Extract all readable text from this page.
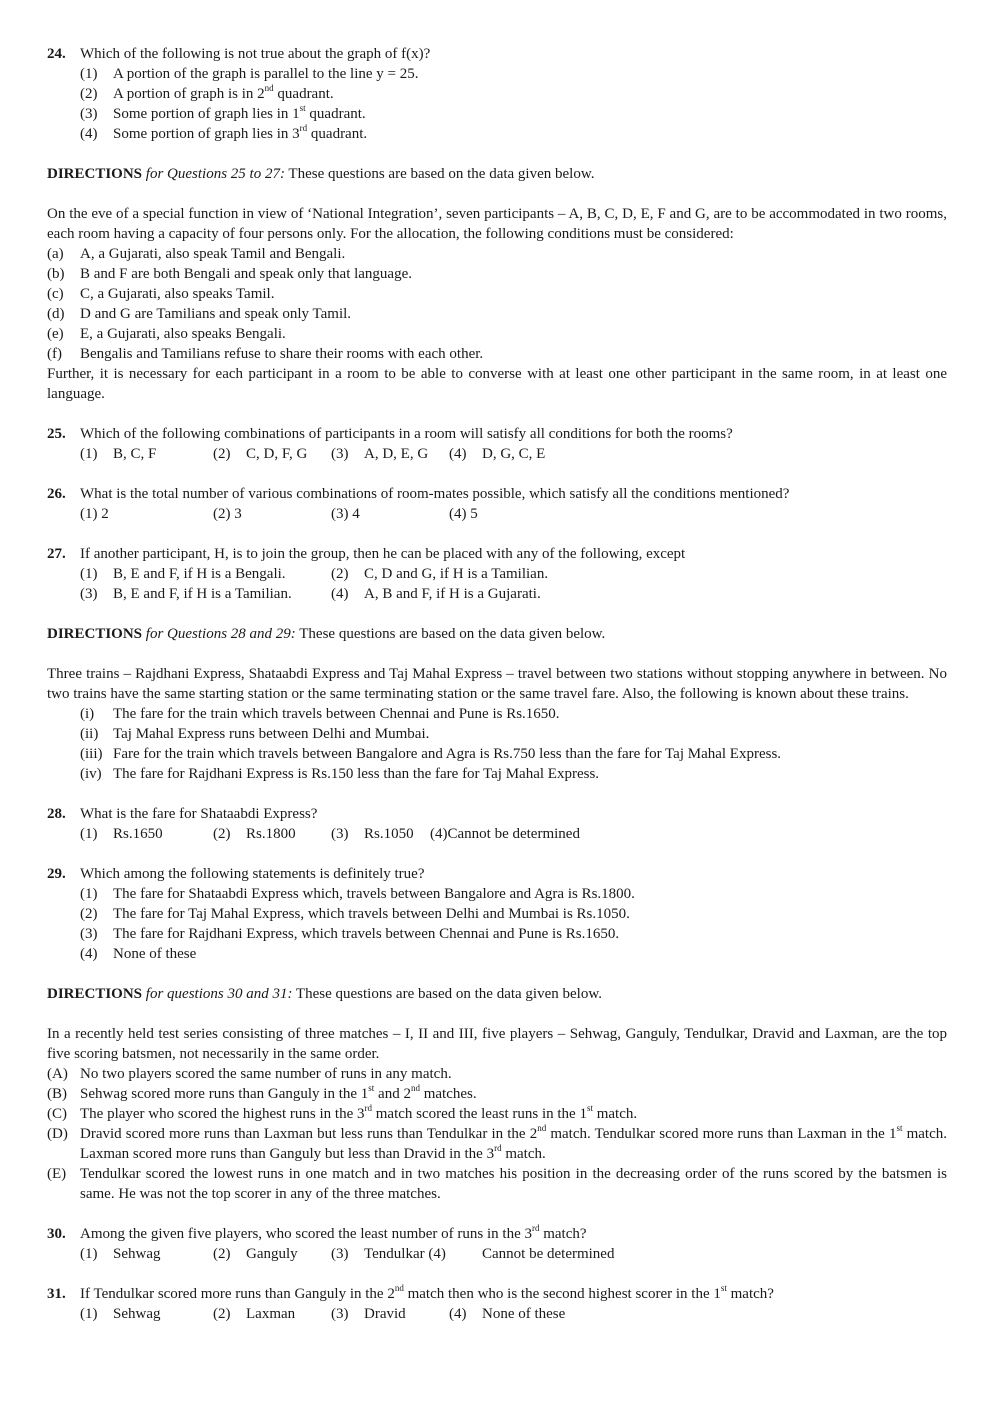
24. Which of the following is not true about the graph of f(x)?
(1) A portion of the graph is parallel to the line y = 25.
(2) A portion of graph is in 2nd quadrant.
(3) Some portion of graph lies in 1st quadrant.
(4) Some portion of graph lies in 3rd quadrant.
DIRECTIONS for Questions 25 to 27: These questions are based on the data given below.
On the eve of a special function in view of ‘National Integration’, seven participants – A, B, C, D, E, F and G, are to be accommodated in two rooms, each room having a capacity of four persons only. For the allocation, the following conditions must be considered:
(a) A, a Gujarati, also speak Tamil and Bengali.
(b) B and F are both Bengali and speak only that language.
(c) C, a Gujarati, also speaks Tamil.
(d) D and G are Tamilians and speak only Tamil.
(e) E, a Gujarati, also speaks Bengali.
(f) Bengalis and Tamilians refuse to share their rooms with each other.
Further, it is necessary for each participant in a room to be able to converse with at least one other participant in the same room, in at least one language.
25. Which of the following combinations of participants in a room will satisfy all conditions for both the rooms?
(1) B, C, F	(2) C, D, F, G (3) A, D, E, G (4) D, G, C, E
26. What is the total number of various combinations of room-mates possible, which satisfy all the conditions mentioned?
(1) 2	(2) 3	(3) 4	(4) 5
27. If another participant, H, is to join the group, then he can be placed with any of the following, except
(1) B, E and F, if H is a Bengali.	(2) C, D and G, if H is a Tamilian.
(3) B, E and F, if H is a Tamilian.	(4) A, B and F, if H is a Gujarati.
DIRECTIONS for Questions 28 and 29: These questions are based on the data given below.
Three trains – Rajdhani Express, Shataabdi Express and Taj Mahal Express – travel between two stations without stopping anywhere in between. No two trains have the same starting station or the same terminating station or the same travel fare. Also, the following is known about these trains.
(i) The fare for the train which travels between Chennai and Pune is Rs.1650.
(ii) Taj Mahal Express runs between Delhi and Mumbai.
(iii) Fare for the train which travels between Bangalore and Agra is Rs.750 less than the fare for Taj Mahal Express.
(iv) The fare for Rajdhani Express is Rs.150 less than the fare for Taj Mahal Express.
28. What is the fare for Shataabdi Express?
(1) Rs.1650	(2) Rs.1800 (3) Rs.1050 (4)Cannot be determined
29. Which among the following statements is definitely true?
(1) The fare for Shataabdi Express which, travels between Bangalore and Agra is Rs.1800.
(2) The fare for Taj Mahal Express, which travels between Delhi and Mumbai is Rs.1050.
(3) The fare for Rajdhani Express, which travels between Chennai and Pune is Rs.1650.
(4) None of these
DIRECTIONS for questions 30 and 31: These questions are based on the data given below.
In a recently held test series consisting of three matches – I, II and III, five players – Sehwag, Ganguly, Tendulkar, Dravid and Laxman, are the top five scoring batsmen, not necessarily in the same order.
(A) No two players scored the same number of runs in any match.
(B) Sehwag scored more runs than Ganguly in the 1st and 2nd matches.
(C) The player who scored the highest runs in the 3rd match scored the least runs in the 1st match.
(D) Dravid scored more runs than Laxman but less runs than Tendulkar in the 2nd match. Tendulkar scored more runs than Laxman in the 1st match. Laxman scored more runs than Ganguly but less than Dravid in the 3rd match.
(E) Tendulkar scored the lowest runs in one match and in two matches his position in the decreasing order of the runs scored by the batsmen is same. He was not the top scorer in any of the three matches.
30. Among the given five players, who scored the least number of runs in the 3rd match?
(1) Sehwag	(2) Ganguly (3) Tendulkar (4) Cannot be determined
31. If Tendulkar scored more runs than Ganguly in the 2nd match then who is the second highest scorer in the 1st match?
(1) Sehwag	(2) Laxman (3) Dravid	(4) None of these
